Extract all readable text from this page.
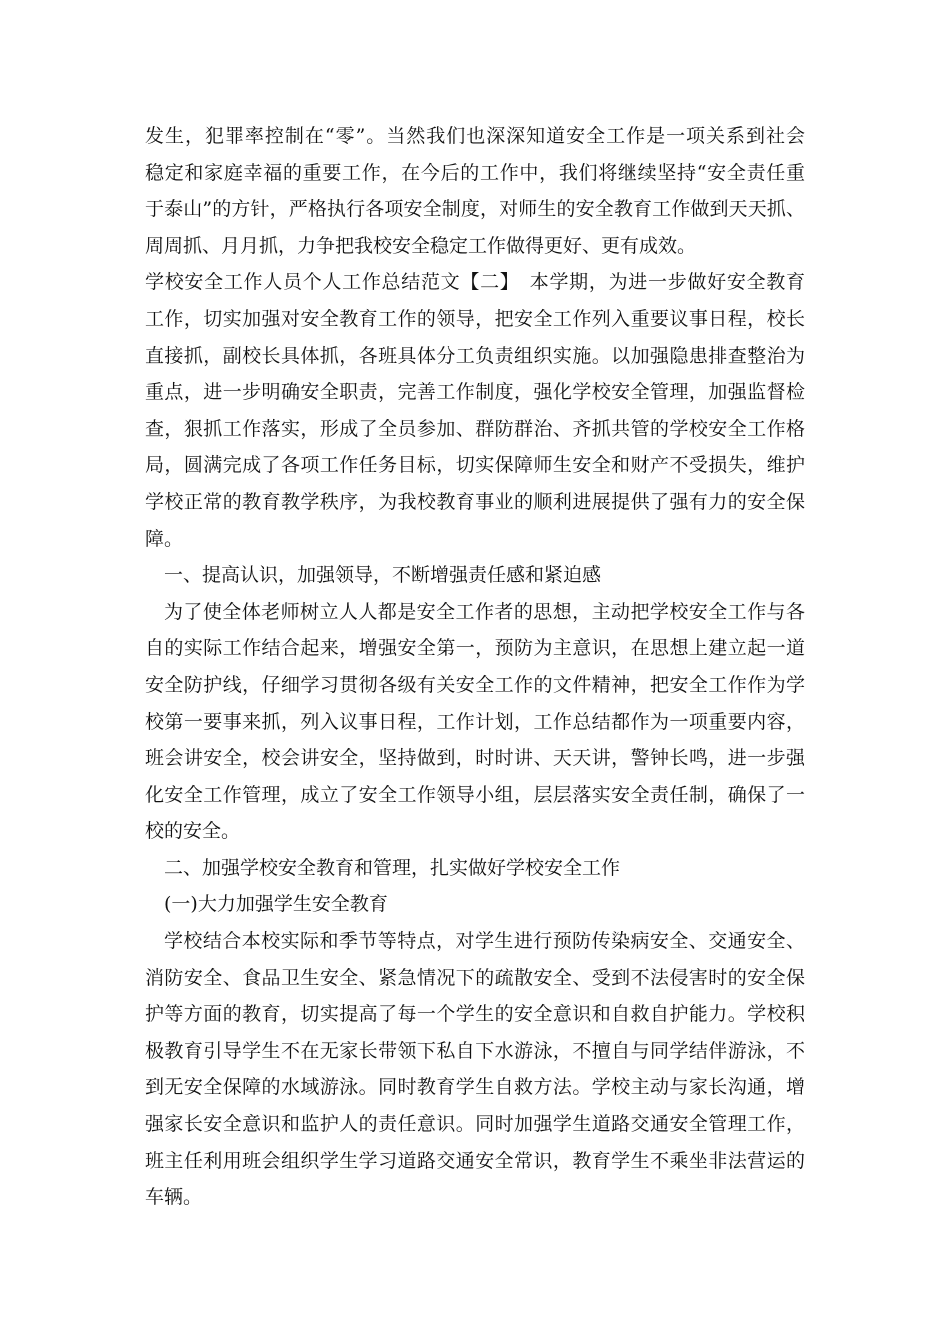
发生，犯罪率控制在“零”。当然我们也深深知道安全工作是一项关系到社会
稳定和家庭幸福的重要工作，在今后的工作中，我们将继续坚持“安全责任重
于泰山”的方针，严格执行各项安全制度，对师生的安全教育工作做到天天抓、
周周抓、月月抓，力争把我校安全稳定工作做得更好、更有成效。
学校安全工作人员个人工作总结范文【二】　本学期，为进一步做好安全教育
工作，切实加强对安全教育工作的领导，把安全工作列入重要议事日程，校长
直接抓，副校长具体抓，各班具体分工负责组织实施。以加强隐患排查整治为
重点，进一步明确安全职责，完善工作制度，强化学校安全管理，加强监督检
查，狠抓工作落实，形成了全员参加、群防群治、齐抓共管的学校安全工作格
局，圆满完成了各项工作任务目标，切实保障师生安全和财产不受损失，维护
学校正常的教育教学秩序，为我校教育事业的顺利进展提供了强有力的安全保
障。
一、提高认识，加强领导，不断增强责任感和紧迫感
为了使全体老师树立人人都是安全工作者的思想，主动把学校安全工作与各
自的实际工作结合起来，增强安全第一，预防为主意识，在思想上建立起一道
安全防护线，仔细学习贯彻各级有关安全工作的文件精神，把安全工作作为学
校第一要事来抓，列入议事日程，工作计划，工作总结都作为一项重要内容，
班会讲安全，校会讲安全，坚持做到，时时讲、天天讲，警钟长鸣，进一步强
化安全工作管理，成立了安全工作领导小组，层层落实安全责任制，确保了一
校的安全。
二、加强学校安全教育和管理，扎实做好学校安全工作
(一)大力加强学生安全教育
学校结合本校实际和季节等特点，对学生进行预防传染病安全、交通安全、
消防安全、食品卫生安全、紧急情况下的疏散安全、受到不法侵害时的安全保
护等方面的教育，切实提高了每一个学生的安全意识和自救自护能力。学校积
极教育引导学生不在无家长带领下私自下水游泳，不擅自与同学结伴游泳，不
到无安全保障的水域游泳。同时教育学生自救方法。学校主动与家长沟通，增
强家长安全意识和监护人的责任意识。同时加强学生道路交通安全管理工作，
班主任利用班会组织学生学习道路交通安全常识，教育学生不乘坐非法营运的
车辆。
